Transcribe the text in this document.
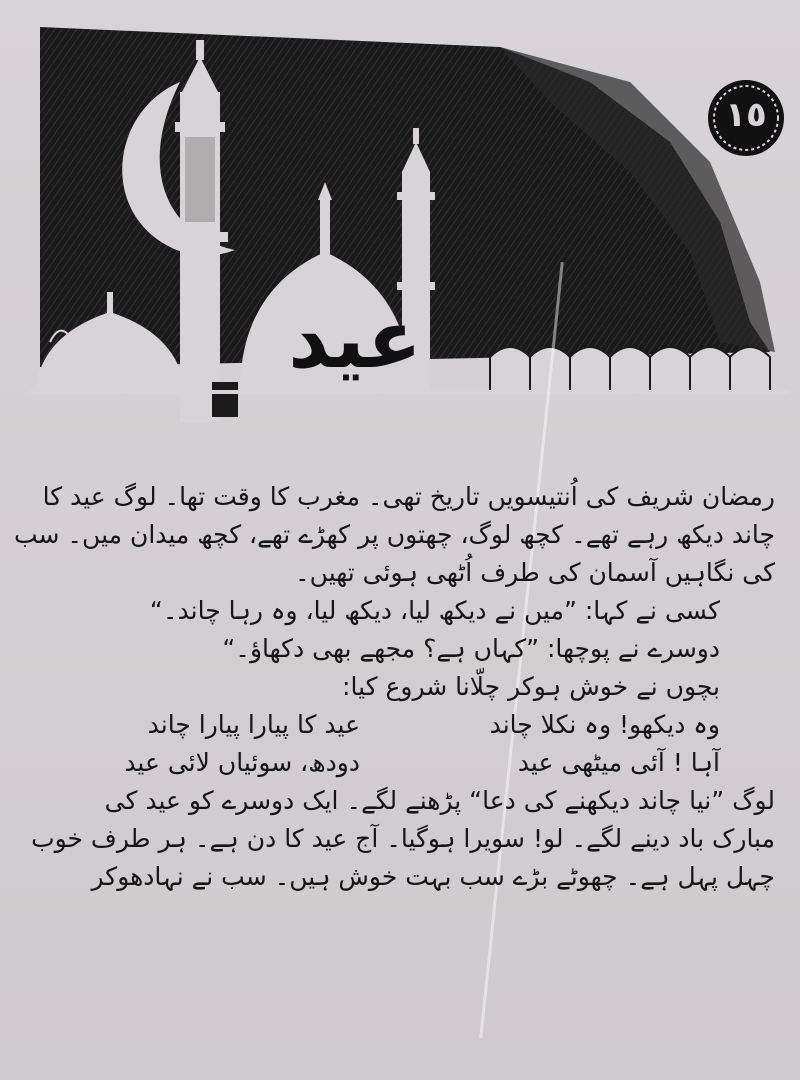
١٥
عید
رمضان شریف کی اُنتیسویں تاریخ تھی۔ مغرب کا وقت تھا۔ لوگ عید کا
چاند دیکھ رہے تھے۔ کچھ لوگ، چھتوں پر کھڑے تھے، کچھ میدان میں۔ سب
کی نگاہیں آسمان کی طرف اُٹھی ہوئی تھیں۔
کسی نے کہا: ”میں نے دیکھ لیا، دیکھ لیا، وہ رہا چاند۔“
دوسرے نے پوچھا: ”کہاں ہے؟ مجھے بھی دکھاؤ۔“
بچوں نے خوش ہوکر چلّانا شروع کیا:
وہ دیکھو! وہ نکلا چاند
عید کا پیارا پیارا چاند
آہا ! آئی میٹھی عید
دودھ، سوئیاں لائی عید
لوگ ”نیا چاند دیکھنے کی دعا“ پڑھنے لگے۔ ایک دوسرے کو عید کی
مبارک باد دینے لگے۔ لو! سویرا ہوگیا۔ آج عید کا دن ہے۔ ہر طرف خوب
چہل پہل ہے۔ چھوٹے بڑے سب بہت خوش ہیں۔ سب نے نہادھوکر
